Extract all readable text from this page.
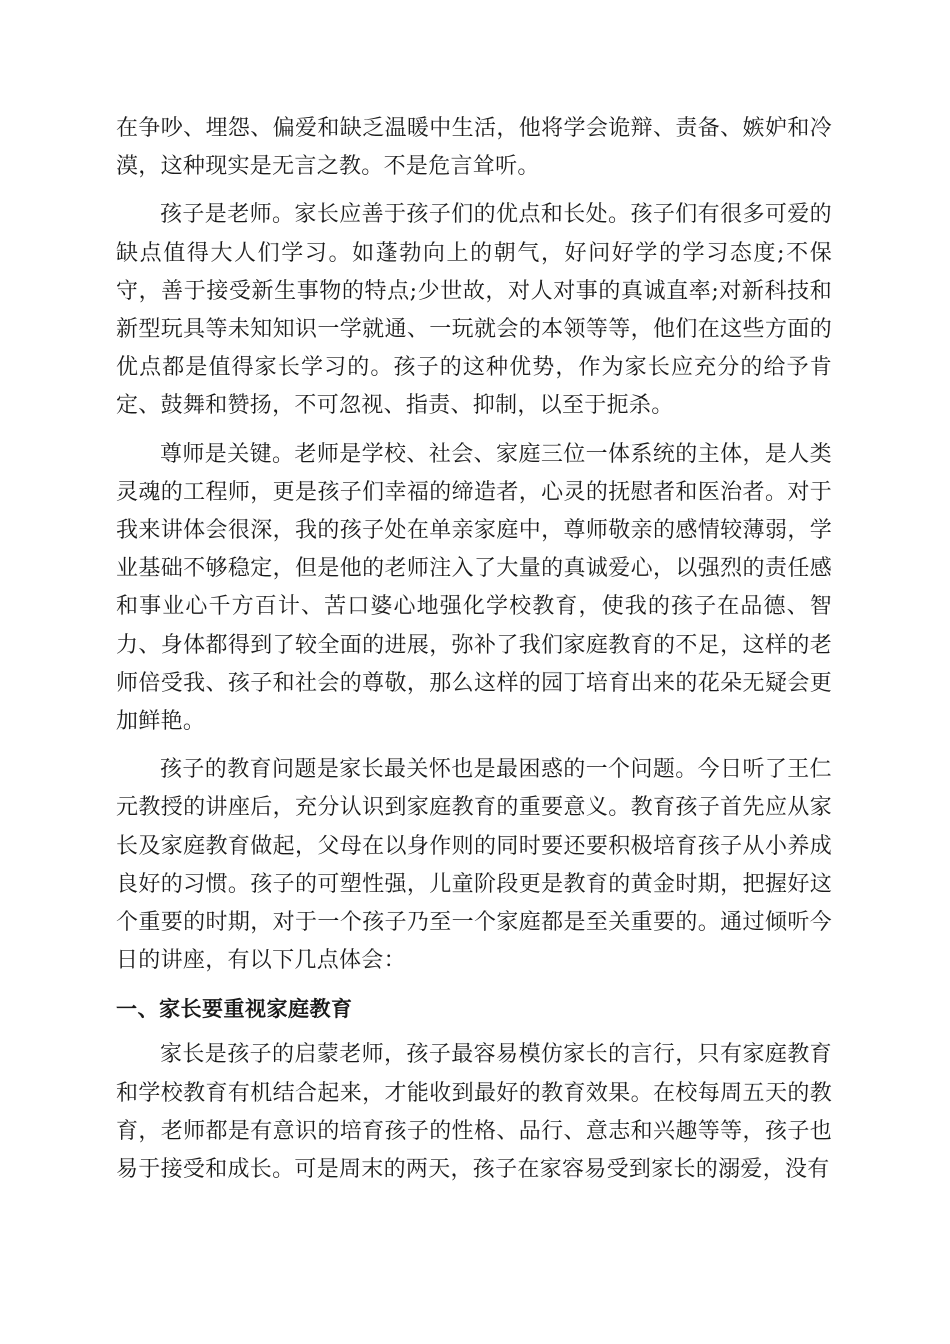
在争吵、埋怨、偏爱和缺乏温暖中生活，他将学会诡辩、责备、嫉妒和冷漠，这种现实是无言之教。不是危言耸听。

孩子是老师。家长应善于孩子们的优点和长处。孩子们有很多可爱的缺点值得大人们学习。如蓬勃向上的朝气，好问好学的学习态度;不保守，善于接受新生事物的特点;少世故，对人对事的真诚直率;对新科技和新型玩具等未知知识一学就通、一玩就会的本领等等，他们在这些方面的优点都是值得家长学习的。孩子的这种优势，作为家长应充分的给予肯定、鼓舞和赞扬，不可忽视、指责、抑制，以至于扼杀。

尊师是关键。老师是学校、社会、家庭三位一体系统的主体，是人类灵魂的工程师，更是孩子们幸福的缔造者，心灵的抚慰者和医治者。对于我来讲体会很深，我的孩子处在单亲家庭中，尊师敬亲的感情较薄弱，学业基础不够稳定，但是他的老师注入了大量的真诚爱心，以强烈的责任感和事业心千方百计、苦口婆心地强化学校教育，使我的孩子在品德、智力、身体都得到了较全面的进展，弥补了我们家庭教育的不足，这样的老师倍受我、孩子和社会的尊敬，那么这样的园丁培育出来的花朵无疑会更加鲜艳。

孩子的教育问题是家长最关怀也是最困惑的一个问题。今日听了王仁元教授的讲座后，充分认识到家庭教育的重要意义。教育孩子首先应从家长及家庭教育做起，父母在以身作则的同时要还要积极培育孩子从小养成良好的习惯。孩子的可塑性强，儿童阶段更是教育的黄金时期，把握好这个重要的时期，对于一个孩子乃至一个家庭都是至关重要的。通过倾听今日的讲座，有以下几点体会：

一、家长要重视家庭教育

家长是孩子的启蒙老师，孩子最容易模仿家长的言行，只有家庭教育和学校教育有机结合起来，才能收到最好的教育效果。在校每周五天的教育，老师都是有意识的培育孩子的性格、品行、意志和兴趣等等，孩子也易于接受和成长。可是周末的两天，孩子在家容易受到家长的溺爱，没有
